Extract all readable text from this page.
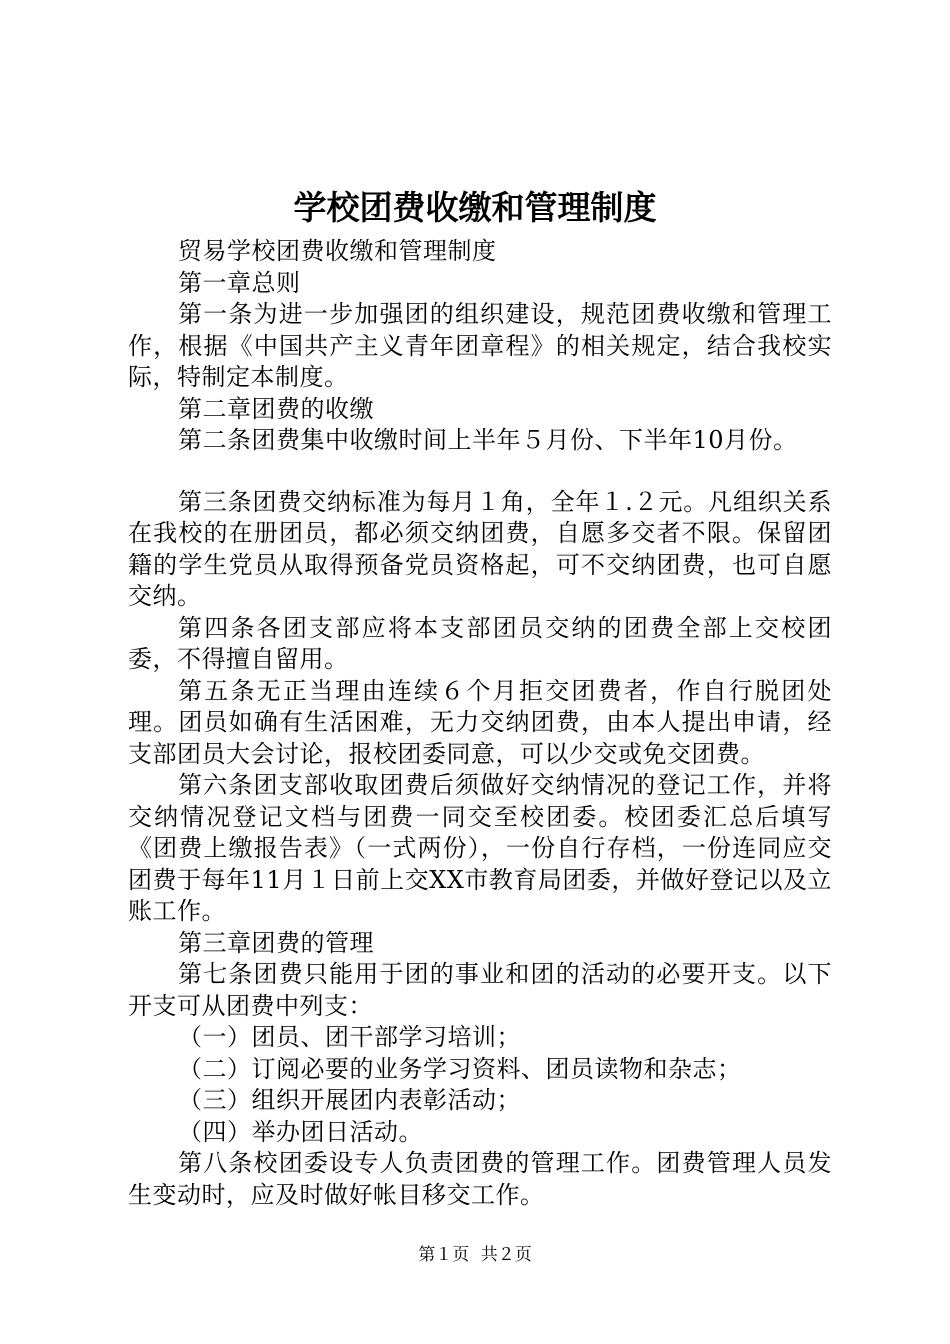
学校团费收缴和管理制度

贸易学校团费收缴和管理制度

第一章总则

第一条为进一步加强团的组织建设，规范团费收缴和管理工作，根据《中国共产主义青年团章程》的相关规定，结合我校实际，特制定本制度。

第二章团费的收缴

第二条团费集中收缴时间上半年５月份、下半年10月份。

第三条团费交纳标准为每月１角，全年１.２元。凡组织关系在我校的在册团员，都必须交纳团费，自愿多交者不限。保留团籍的学生党员从取得预备党员资格起，可不交纳团费，也可自愿交纳。

第四条各团支部应将本支部团员交纳的团费全部上交校团委，不得擅自留用。

第五条无正当理由连续６个月拒交团费者，作自行脱团处理。团员如确有生活困难，无力交纳团费，由本人提出申请，经支部团员大会讨论，报校团委同意，可以少交或免交团费。

第六条团支部收取团费后须做好交纳情况的登记工作，并将交纳情况登记文档与团费一同交至校团委。校团委汇总后填写《团费上缴报告表》（一式两份），一份自行存档，一份连同应交团费于每年11月１日前上交XX市教育局团委，并做好登记以及立账工作。

第三章团费的管理

第七条团费只能用于团的事业和团的活动的必要开支。以下开支可从团费中列支：

（一）团员、团干部学习培训；

（二）订阅必要的业务学习资料、团员读物和杂志；

（三）组织开展团内表彰活动；

（四）举办团日活动。

第八条校团委设专人负责团费的管理工作。团费管理人员发生变动时，应及时做好帐目移交工作。

第１页 共２页
